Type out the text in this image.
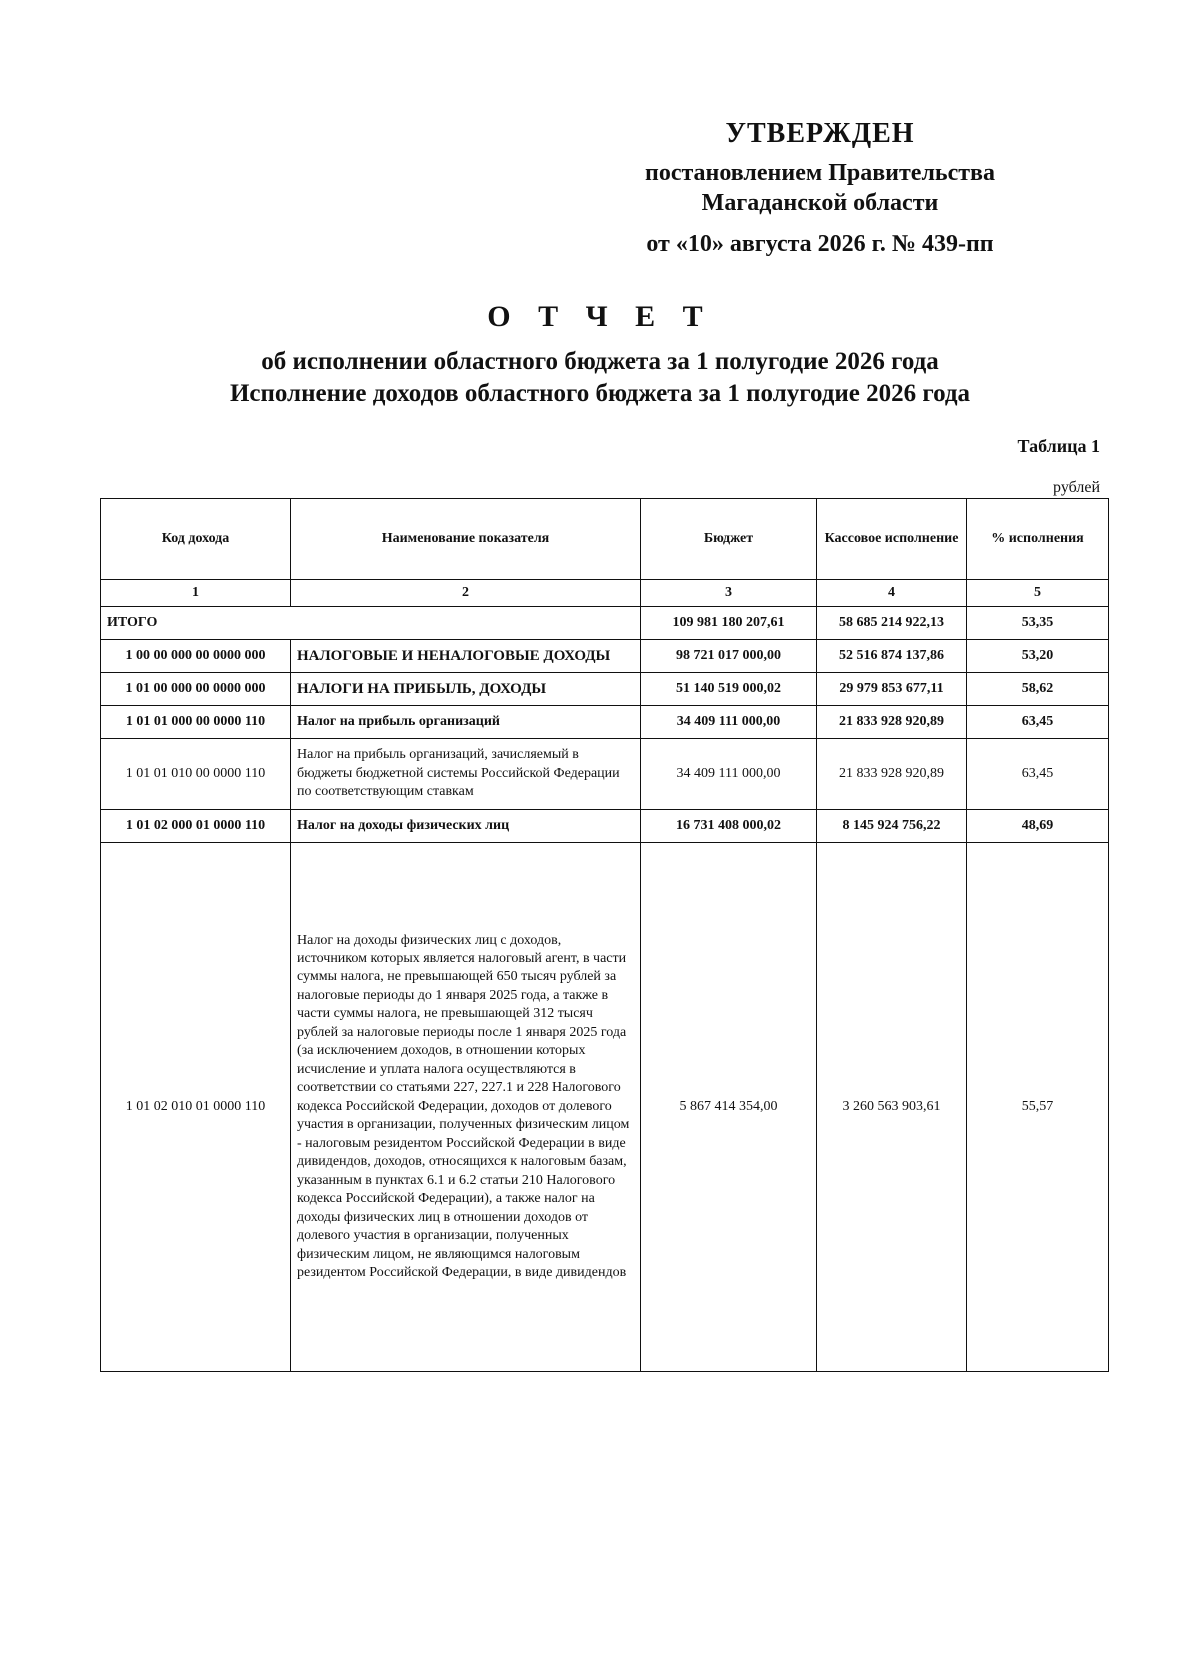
УТВЕРЖДЕН
постановлением Правительства
Магаданской области
от «10» августа 2026 г. № 439-пп
О Т Ч Е Т
об исполнении областного бюджета за 1 полугодие 2026 года
Исполнение доходов областного бюджета за 1 полугодие 2026 года
Таблица 1
рублей
Код дохода	Наименование показателя	Бюджет	Кассовое исполнение	% исполнения
1	2	3	4	5
ИТОГО		109 981 180 207,61	58 685 214 922,13	53,35
1 00 00 000 00 0000 000	НАЛОГОВЫЕ И НЕНАЛОГОВЫЕ ДОХОДЫ	98 721 017 000,00	52 516 874 137,86	53,20
1 01 00 000 00 0000 000	НАЛОГИ НА ПРИБЫЛЬ, ДОХОДЫ	51 140 519 000,02	29 979 853 677,11	58,62
1 01 01 000 00 0000 110	Налог на прибыль организаций	34 409 111 000,00	21 833 928 920,89	63,45
1 01 01 010 00 0000 110	Налог на прибыль организаций, зачисляемый в бюджеты бюджетной системы Российской Федерации по соответствующим ставкам	34 409 111 000,00	21 833 928 920,89	63,45
1 01 02 000 01 0000 110	Налог на доходы физических лиц	16 731 408 000,02	8 145 924 756,22	48,69
1 01 02 010 01 0000 110	Налог на доходы физических лиц с доходов, источником которых является налоговый агент, в части суммы налога, не превышающей 650 тысяч рублей за налоговые периоды до 1 января 2025 года, а также в части суммы налога, не превышающей 312 тысяч рублей за налоговые периоды после 1 января 2025 года (за исключением доходов, в отношении которых исчисление и уплата налога осуществляются в соответствии со статьями 227, 227.1 и 228 Налогового кодекса Российской Федерации, доходов от долевого участия в организации, полученных физическим лицом - налоговым резидентом Российской Федерации в виде дивидендов, доходов, относящихся к налоговым базам, указанным в пунктах 6.1 и 6.2 статьи 210 Налогового кодекса Российской Федерации), а также налог на доходы физических лиц в отношении доходов от долевого участия в организации, полученных физическим лицом, не являющимся налоговым резидентом Российской Федерации, в виде дивидендов	5 867 414 354,00	3 260 563 903,61	55,57
